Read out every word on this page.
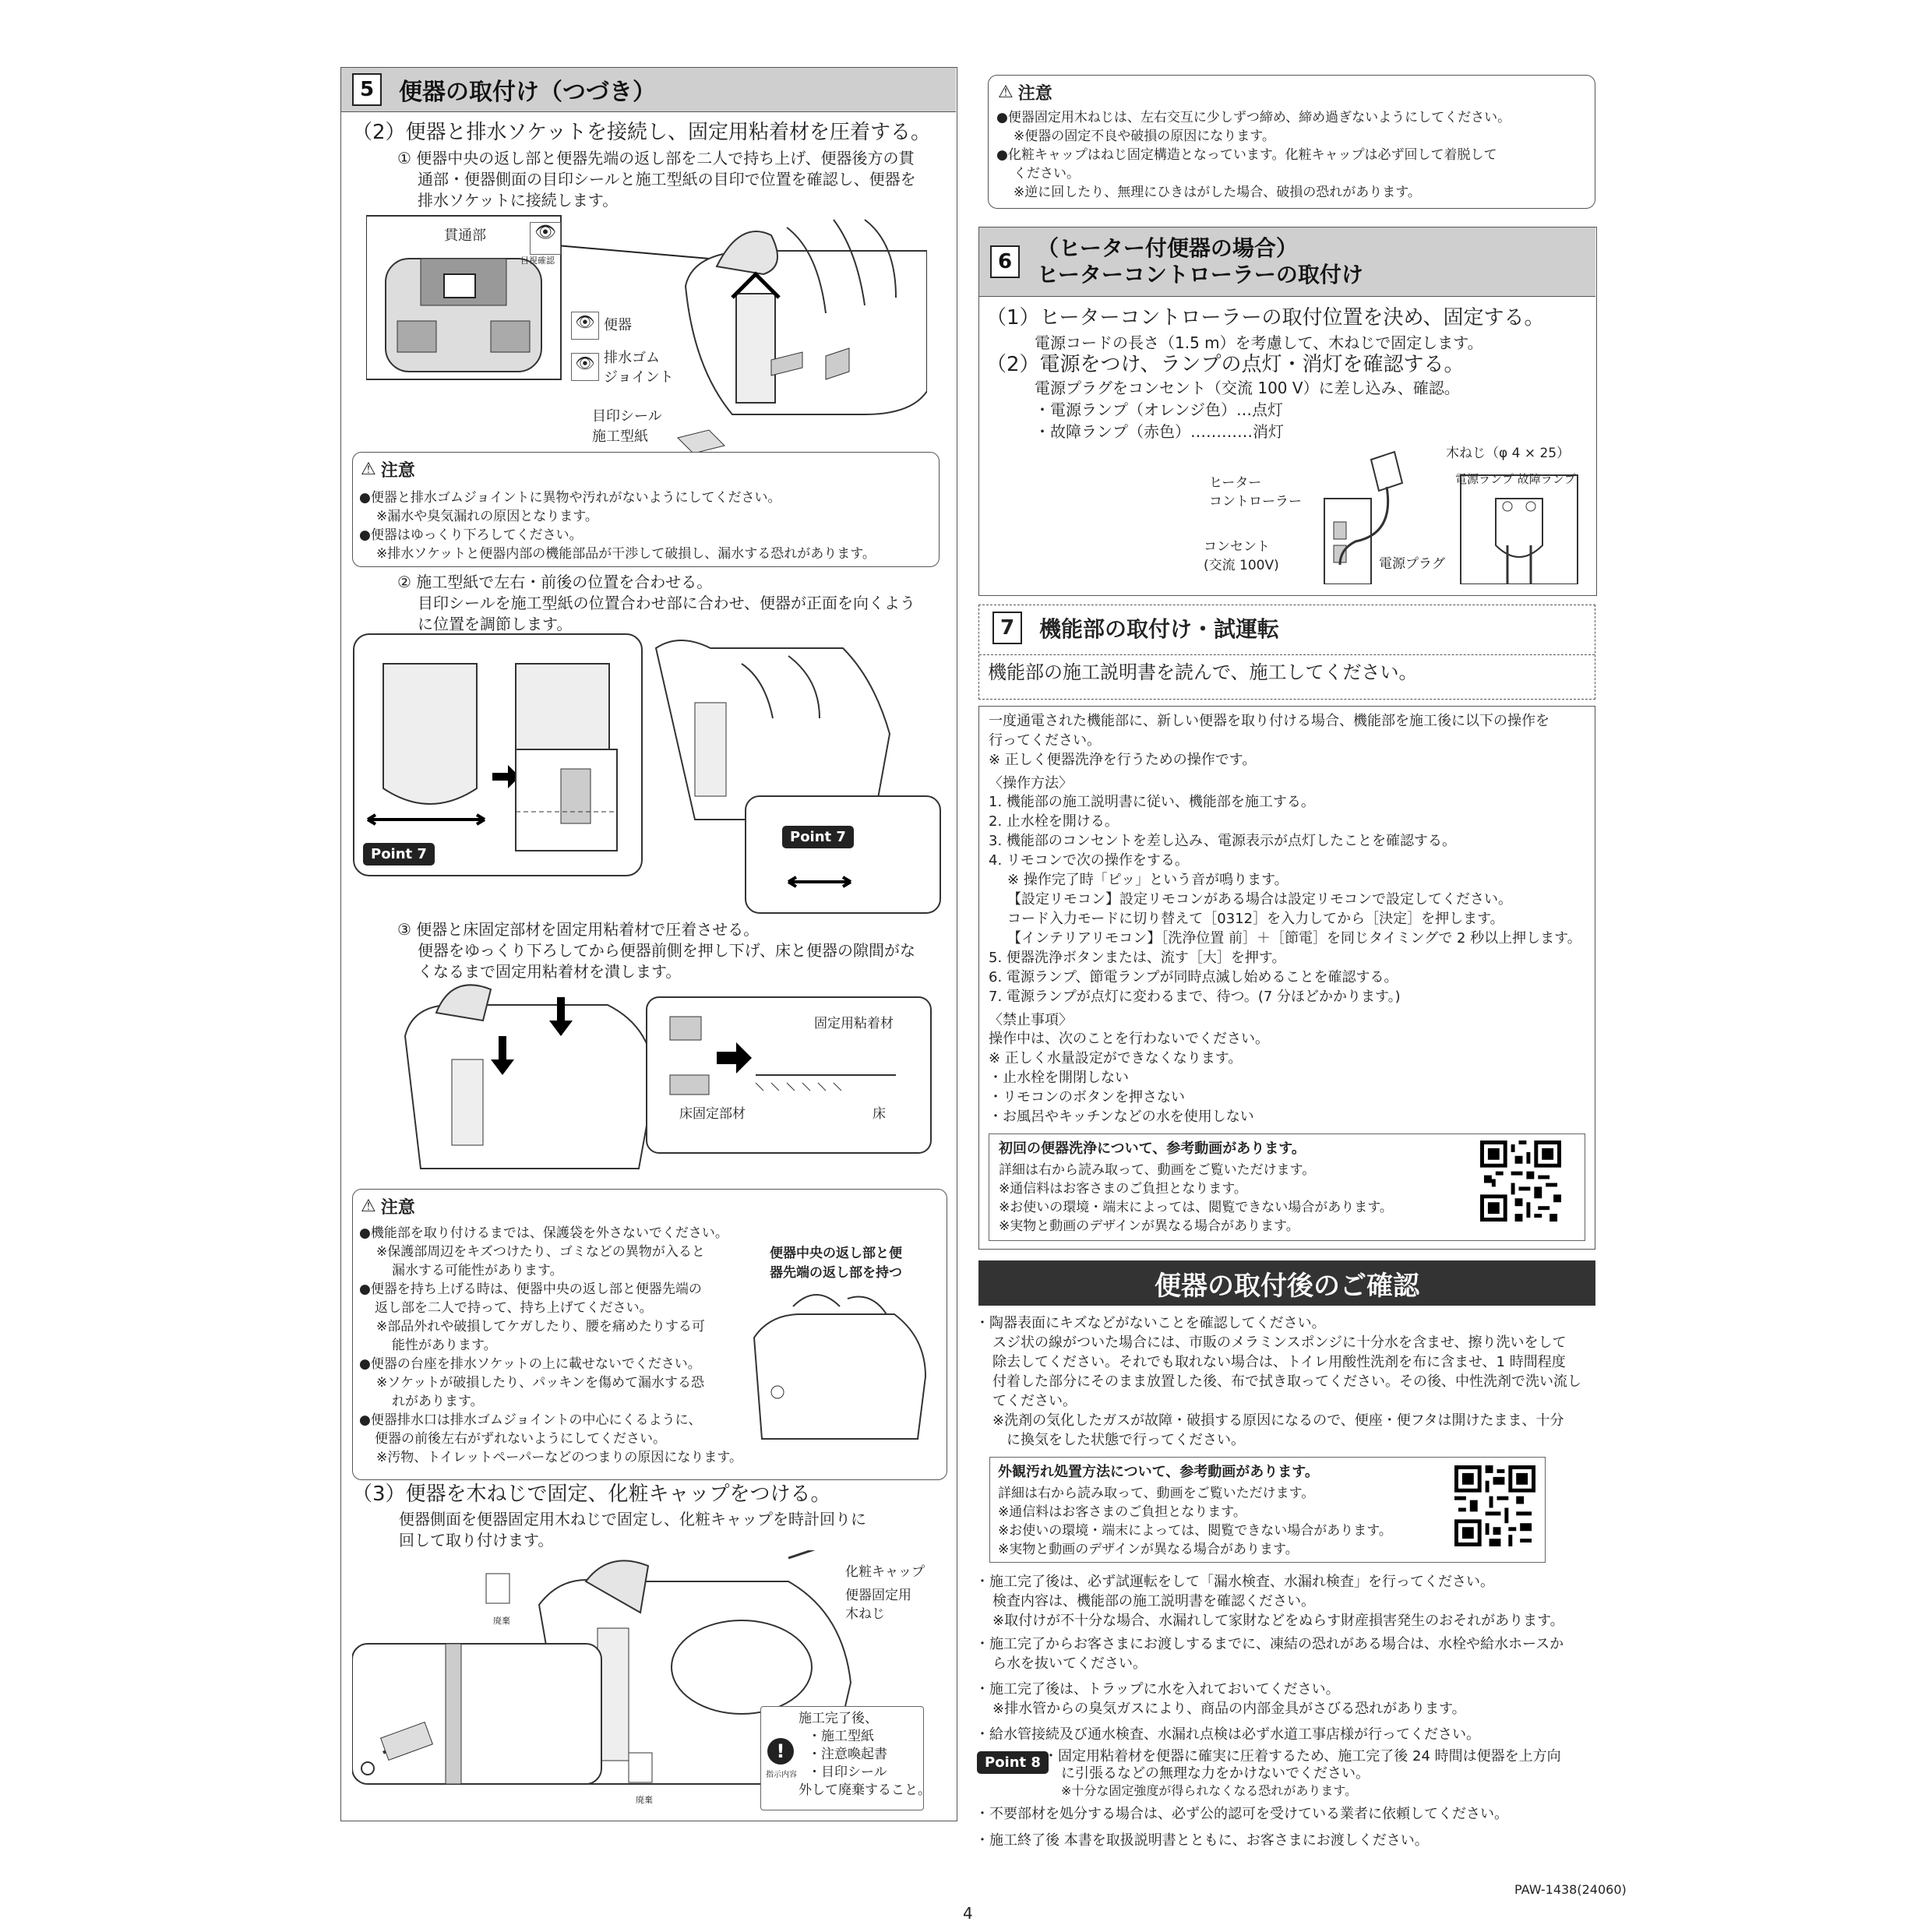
5	便器の取付け（つづき）
（2）便器と排水ソケットを接続し、固定用粘着材を圧着する。
① 便器中央の返し部と便器先端の返し部を二人で持ち上げ、便器後方の貫
通部・便器側面の目印シールと施工型紙の目印で位置を確認し、便器を
排水ソケットに接続します。
👁
目視確認
貫通部
👁 便器
👁 排水ゴム
ジョイント
目印シール
施工型紙
⚠ 注意
●便器と排水ゴムジョイントに異物や汚れがないようにしてください。
※漏水や臭気漏れの原因となります。
●便器はゆっくり下ろしてください。
※排水ソケットと便器内部の機能部品が干渉して破損し、漏水する恐れがあります。
② 施工型紙で左右・前後の位置を合わせる。
目印シールを施工型紙の位置合わせ部に合わせ、便器が正面を向くよう
に位置を調節します。
Point 7
Point 7
③ 便器と床固定部材を固定用粘着材で圧着させる。
便器をゆっくり下ろしてから便器前側を押し下げ、床と便器の隙間がな
くなるまで固定用粘着材を潰します。
固定用粘着材
床固定部材	床
⚠ 注意
●機能部を取り付けるまでは、保護袋を外さないでください。
※保護部周辺をキズつけたり、ゴミなどの異物が入ると
漏水する可能性があります。
●便器を持ち上げる時は、便器中央の返し部と便器先端の
返し部を二人で持って、持ち上げてください。
※部品外れや破損してケガしたり、腰を痛めたりする可
能性があります。
●便器の台座を排水ソケットの上に載せないでください。
※ソケットが破損したり、パッキンを傷めて漏水する恐
れがあります。
●便器排水口は排水ゴムジョイントの中心にくるように、
便器の前後左右がずれないようにしてください。
※汚物、トイレットペーパーなどのつまりの原因になります。
便器中央の返し部と便
器先端の返し部を持つ
（3）便器を木ねじで固定、化粧キャップをつける。
便器側面を便器固定用木ねじで固定し、化粧キャップを時計回りに
回して取り付けます。
化粧キャップ
便器固定用
木ねじ
廃棄
廃棄
!
指示内容
施工完了後、
・施工型紙
・注意喚起書
・目印シール
外して廃棄すること。
⚠ 注意
●便器固定用木ねじは、左右交互に少しずつ締め、締め過ぎないようにしてください。
※便器の固定不良や破損の原因になります。
●化粧キャップはねじ固定構造となっています。化粧キャップは必ず回して着脱して
ください。
※逆に回したり、無理にひきはがした場合、破損の恐れがあります。
6
（ヒーター付便器の場合）
ヒーターコントローラーの取付け
（1）ヒーターコントローラーの取付位置を決め、固定する。
電源コードの長さ（1.5 m）を考慮して、木ねじで固定します。
（2）電源をつけ、ランプの点灯・消灯を確認する。
電源プラグをコンセント（交流 100 V）に差し込み、確認。
・電源ランプ（オレンジ色）…点灯
・故障ランプ（赤色）…………消灯
木ねじ（φ 4 × 25）
ヒーター
コントローラー
コンセント
(交流 100V)	電源プラグ
電源ランプ 故障ランプ
7	機能部の取付け・試運転
機能部の施工説明書を読んで、施工してください。
一度通電された機能部に、新しい便器を取り付ける場合、機能部を施工後に以下の操作を
行ってください。
※ 正しく便器洗浄を行うための操作です。
〈操作方法〉
1. 機能部の施工説明書に従い、機能部を施工する。
2. 止水栓を開ける。
3. 機能部のコンセントを差し込み、電源表示が点灯したことを確認する。
4. リモコンで次の操作をする。
※ 操作完了時「ピッ」という音が鳴ります。
【設定リモコン】設定リモコンがある場合は設定リモコンで設定してください。
コード入力モードに切り替えて［0312］を入力してから［決定］を押します。
【インテリアリモコン】［洗浄位置 前］＋［節電］を同じタイミングで 2 秒以上押します。
5. 便器洗浄ボタンまたは、流す［大］を押す。
6. 電源ランプ、節電ランプが同時点滅し始めることを確認する。
7. 電源ランプが点灯に変わるまで、待つ。(7 分ほどかかります。)
〈禁止事項〉
操作中は、次のことを行わないでください。
※ 正しく水量設定ができなくなります。
・止水栓を開閉しない
・リモコンのボタンを押さない
・お風呂やキッチンなどの水を使用しない
初回の便器洗浄について、参考動画があります。
詳細は右から読み取って、動画をご覧いただけます。
※通信料はお客さまのご負担となります。
※お使いの環境・端末によっては、閲覧できない場合があります。
※実物と動画のデザインが異なる場合があります。
便器の取付後のご確認
・陶器表面にキズなどがないことを確認してください。
スジ状の線がついた場合には、市販のメラミンスポンジに十分水を含ませ、擦り洗いをして
除去してください。それでも取れない場合は、トイレ用酸性洗剤を布に含ませ、1 時間程度
付着した部分にそのまま放置した後、布で拭き取ってください。その後、中性洗剤で洗い流し
てください。
※洗剤の気化したガスが故障・破損する原因になるので、便座・便フタは開けたまま、十分
に換気をした状態で行ってください。
外観汚れ処置方法について、参考動画があります。
詳細は右から読み取って、動画をご覧いただけます。
※通信料はお客さまのご負担となります。
※お使いの環境・端末によっては、閲覧できない場合があります。
※実物と動画のデザインが異なる場合があります。
・施工完了後は、必ず試運転をして「漏水検査、水漏れ検査」を行ってください。
検査内容は、機能部の施工説明書を確認ください。
※取付けが不十分な場合、水漏れして家財などをぬらす財産損害発生のおそれがあります。
・施工完了からお客さまにお渡しするまでに、凍結の恐れがある場合は、水栓や給水ホースか
ら水を抜いてください。
・施工完了後は、トラップに水を入れておいてください。
※排水管からの臭気ガスにより、商品の内部金具がさびる恐れがあります。
・給水管接続及び通水検査、水漏れ点検は必ず水道工事店様が行ってください。
Point 8 ・固定用粘着材を便器に確実に圧着するため、施工完了後 24 時間は便器を上方向
に引張るなどの無理な力をかけないでください。
※十分な固定強度が得られなくなる恐れがあります。
・不要部材を処分する場合は、必ず公的認可を受けている業者に依頼してください。
・施工終了後 本書を取扱説明書とともに、お客さまにお渡しください。
PAW-1438(24060)
4
